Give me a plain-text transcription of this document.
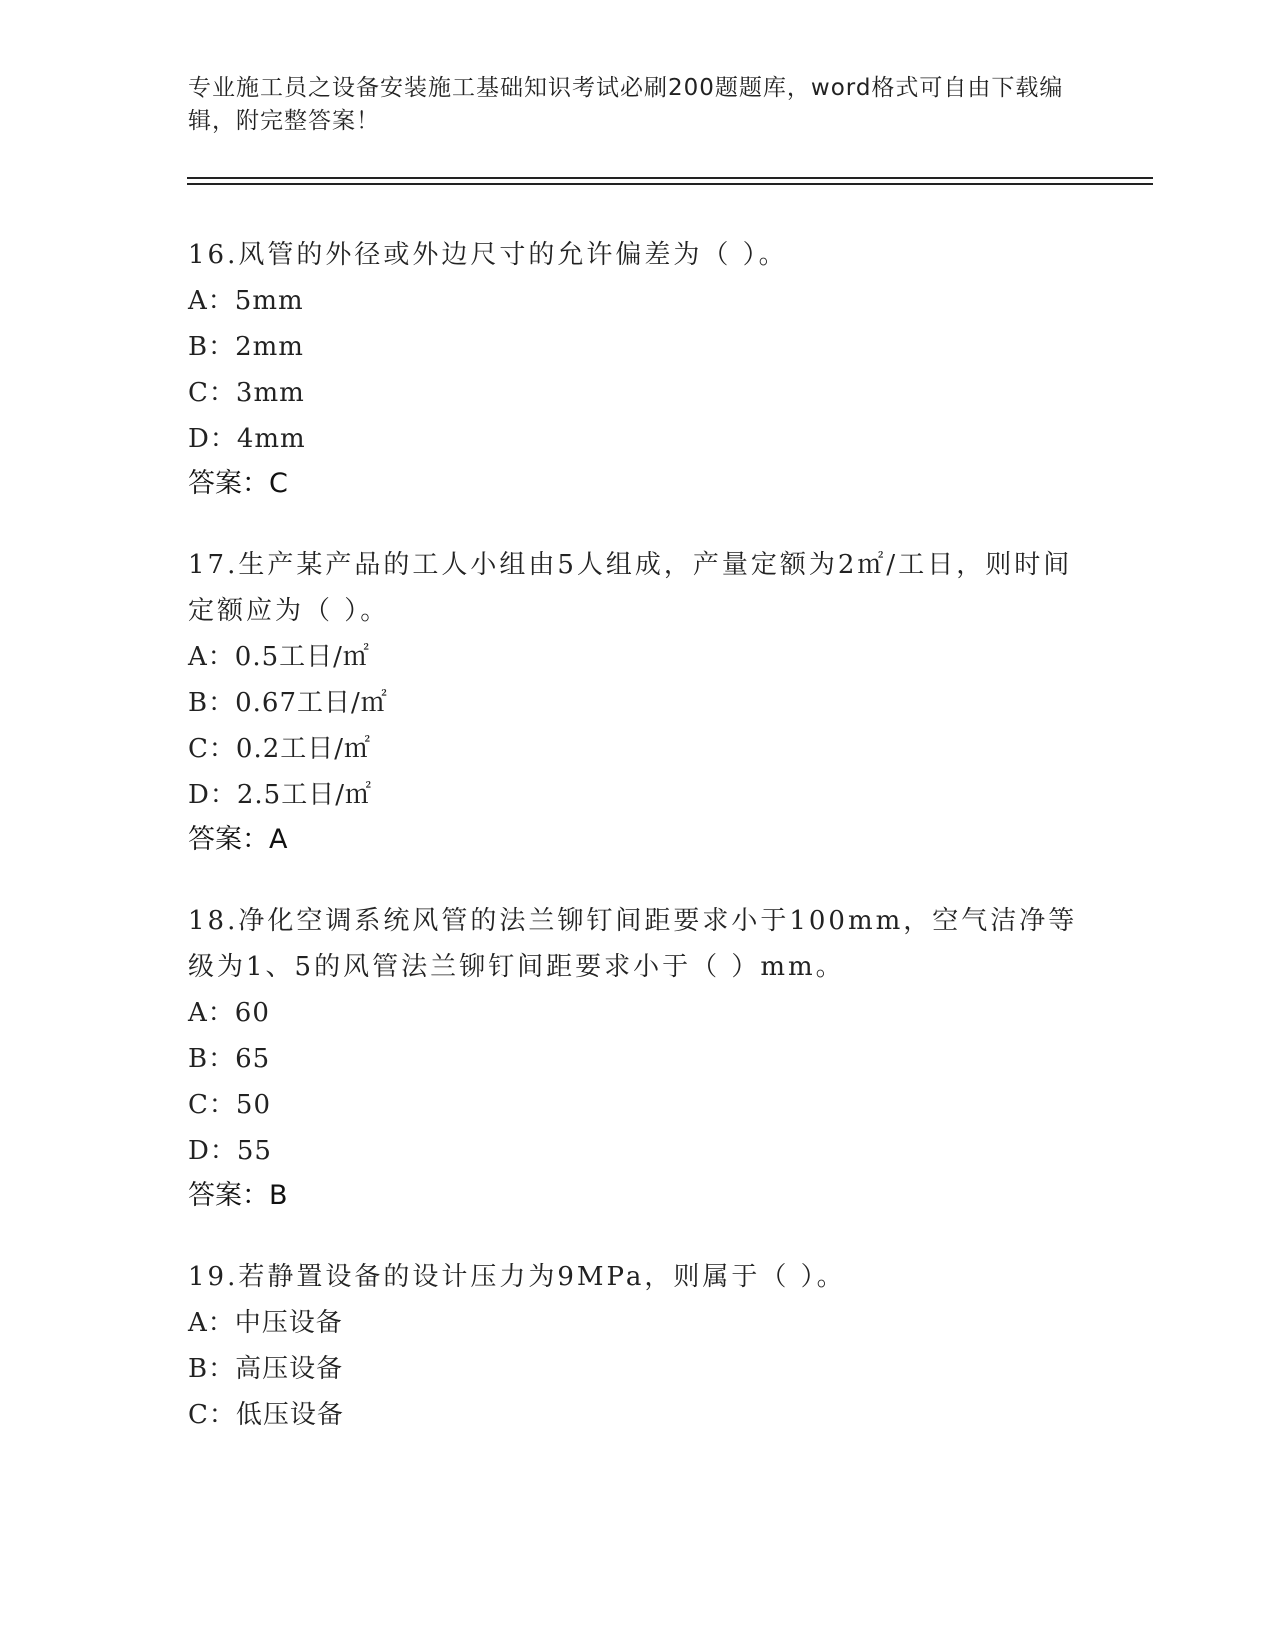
专业施工员之设备安装施工基础知识考试必刷200题题库，word格式可自由下载编辑，附完整答案！
16.风管的外径或外边尺寸的允许偏差为（ ）。
A：5mm
B：2mm
C：3mm
D：4mm
答案：C
17.生产某产品的工人小组由5人组成，产量定额为2㎡/工日，则时间定额应为（ ）。
A：0.5工日/㎡
B：0.67工日/㎡
C：0.2工日/㎡
D：2.5工日/㎡
答案：A
18.净化空调系统风管的法兰铆钉间距要求小于100mm，空气洁净等级为1、5的风管法兰铆钉间距要求小于（ ）mm。
A：60
B：65
C：50
D：55
答案：B
19.若静置设备的设计压力为9MPa，则属于（ ）。
A：中压设备
B：高压设备
C：低压设备
